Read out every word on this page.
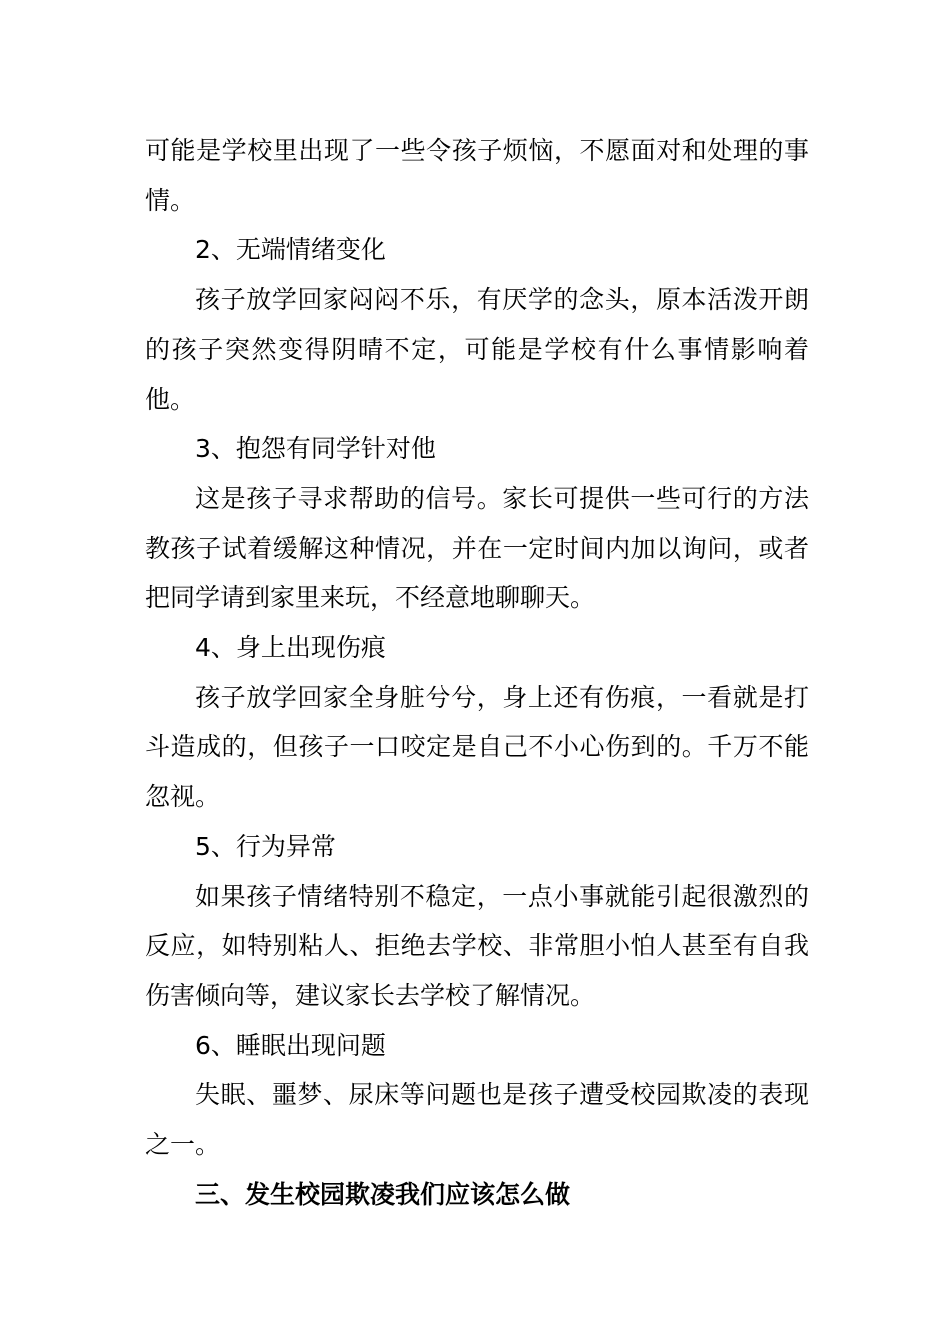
可能是学校里出现了一些令孩子烦恼，不愿面对和处理的事情。

2、无端情绪变化

孩子放学回家闷闷不乐，有厌学的念头，原本活泼开朗的孩子突然变得阴晴不定，可能是学校有什么事情影响着他。

3、抱怨有同学针对他

这是孩子寻求帮助的信号。家长可提供一些可行的方法教孩子试着缓解这种情况，并在一定时间内加以询问，或者把同学请到家里来玩，不经意地聊聊天。

4、身上出现伤痕

孩子放学回家全身脏兮兮，身上还有伤痕，一看就是打斗造成的，但孩子一口咬定是自己不小心伤到的。千万不能忽视。

5、行为异常

如果孩子情绪特别不稳定，一点小事就能引起很激烈的反应，如特别粘人、拒绝去学校、非常胆小怕人甚至有自我伤害倾向等，建议家长去学校了解情况。

6、睡眠出现问题

失眠、噩梦、尿床等问题也是孩子遭受校园欺凌的表现之一。

三、发生校园欺凌我们应该怎么做
